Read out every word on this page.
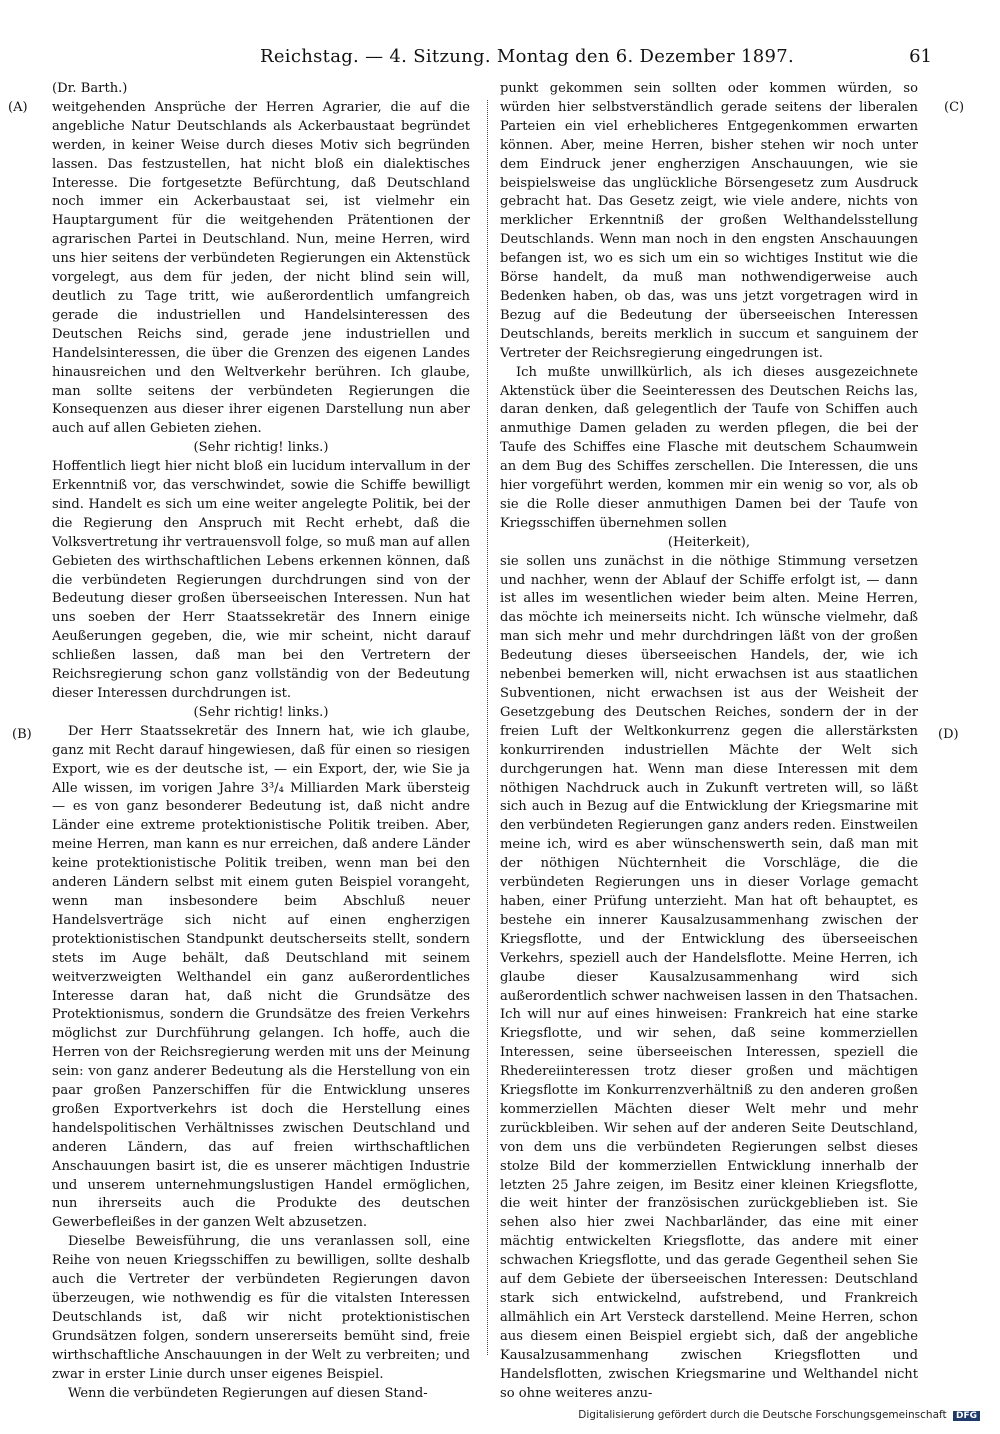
Reichstag. — 4. Sitzung. Montag den 6. Dezember 1897.	61
(A)
(B)
(C)
(D)

(Dr. Barth.)

weitgehenden Ansprüche der Herren Agrarier, die auf die angebliche Natur Deutschlands als Ackerbaustaat begründet werden, in keiner Weise durch dieses Motiv sich begründen lassen. Das festzustellen, hat nicht bloß ein dialektisches Interesse. Die fortgesetzte Befürchtung, daß Deutschland noch immer ein Ackerbaustaat sei, ist vielmehr ein Hauptargument für die weitgehenden Prätentionen der agrarischen Partei in Deutschland. Nun, meine Herren, wird uns hier seitens der verbündeten Regierungen ein Aktenstück vorgelegt, aus dem für jeden, der nicht blind sein will, deutlich zu Tage tritt, wie außerordentlich umfangreich gerade die industriellen und Handelsinteressen des Deutschen Reichs sind, gerade jene industriellen und Handelsinteressen, die über die Grenzen des eigenen Landes hinausreichen und den Weltverkehr berühren. Ich glaube, man sollte seitens der verbündeten Regierungen die Konsequenzen aus dieser ihrer eigenen Darstellung nun aber auch auf allen Gebieten ziehen.

(Sehr richtig! links.)

Hoffentlich liegt hier nicht bloß ein lucidum intervallum in der Erkenntniß vor, das verschwindet, sowie die Schiffe bewilligt sind. Handelt es sich um eine weiter angelegte Politik, bei der die Regierung den Anspruch mit Recht erhebt, daß die Volksvertretung ihr vertrauensvoll folge, so muß man auf allen Gebieten des wirthschaftlichen Lebens erkennen können, daß die verbündeten Regierungen durchdrungen sind von der Bedeutung dieser großen überseeischen Interessen. Nun hat uns soeben der Herr Staatssekretär des Innern einige Aeußerungen gegeben, die, wie mir scheint, nicht darauf schließen lassen, daß man bei den Vertretern der Reichsregierung schon ganz vollständig von der Bedeutung dieser Interessen durchdrungen ist.

(Sehr richtig! links.)

Der Herr Staatssekretär des Innern hat, wie ich glaube, ganz mit Recht darauf hingewiesen, daß für einen so riesigen Export, wie es der deutsche ist, — ein Export, der, wie Sie ja Alle wissen, im vorigen Jahre 3³/₄ Milliarden Mark übersteig — es von ganz besonderer Bedeutung ist, daß nicht andre Länder eine extreme protektionistische Politik treiben. Aber, meine Herren, man kann es nur erreichen, daß andere Länder keine protektionistische Politik treiben, wenn man bei den anderen Ländern selbst mit einem guten Beispiel vorangeht, wenn man insbesondere beim Abschluß neuer Handelsverträge sich nicht auf einen engherzigen protektionistischen Standpunkt deutscherseits stellt, sondern stets im Auge behält, daß Deutschland mit seinem weitverzweigten Welthandel ein ganz außerordentliches Interesse daran hat, daß nicht die Grundsätze des Protektionismus, sondern die Grundsätze des freien Verkehrs möglichst zur Durchführung gelangen. Ich hoffe, auch die Herren von der Reichsregierung werden mit uns der Meinung sein: von ganz anderer Bedeutung als die Herstellung von ein paar großen Panzerschiffen für die Entwicklung unseres großen Exportverkehrs ist doch die Herstellung eines handelspolitischen Verhältnisses zwischen Deutschland und anderen Ländern, das auf freien wirthschaftlichen Anschauungen basirt ist, die es unserer mächtigen Industrie und unserem unternehmungslustigen Handel ermöglichen, nun ihrerseits auch die Produkte des deutschen Gewerbefleißes in der ganzen Welt abzusetzen.

Dieselbe Beweisführung, die uns veranlassen soll, eine Reihe von neuen Kriegsschiffen zu bewilligen, sollte deshalb auch die Vertreter der verbündeten Regierungen davon überzeugen, wie nothwendig es für die vitalsten Interessen Deutschlands ist, daß wir nicht protektionistischen Grundsätzen folgen, sondern unsererseits bemüht sind, freie wirthschaftliche Anschauungen in der Welt zu verbreiten; und zwar in erster Linie durch unser eigenes Beispiel.

Wenn die verbündeten Regierungen auf diesen Stand-

punkt gekommen sein sollten oder kommen würden, so würden hier selbstverständlich gerade seitens der liberalen Parteien ein viel erheblicheres Entgegenkommen erwarten können. Aber, meine Herren, bisher stehen wir noch unter dem Eindruck jener engherzigen Anschauungen, wie sie beispielsweise das unglückliche Börsengesetz zum Ausdruck gebracht hat. Das Gesetz zeigt, wie viele andere, nichts von merklicher Erkenntniß der großen Welthandelsstellung Deutschlands. Wenn man noch in den engsten Anschauungen befangen ist, wo es sich um ein so wichtiges Institut wie die Börse handelt, da muß man nothwendigerweise auch Bedenken haben, ob das, was uns jetzt vorgetragen wird in Bezug auf die Bedeutung der überseeischen Interessen Deutschlands, bereits merklich in succum et sanguinem der Vertreter der Reichsregierung eingedrungen ist.

Ich mußte unwillkürlich, als ich dieses ausgezeichnete Aktenstück über die Seeinteressen des Deutschen Reichs las, daran denken, daß gelegentlich der Taufe von Schiffen auch anmuthige Damen geladen zu werden pflegen, die bei der Taufe des Schiffes eine Flasche mit deutschem Schaumwein an dem Bug des Schiffes zerschellen. Die Interessen, die uns hier vorgeführt werden, kommen mir ein wenig so vor, als ob sie die Rolle dieser anmuthigen Damen bei der Taufe von Kriegsschiffen übernehmen sollen

(Heiterkeit),

sie sollen uns zunächst in die nöthige Stimmung versetzen und nachher, wenn der Ablauf der Schiffe erfolgt ist, — dann ist alles im wesentlichen wieder beim alten. Meine Herren, das möchte ich meinerseits nicht. Ich wünsche vielmehr, daß man sich mehr und mehr durchdringen läßt von der großen Bedeutung dieses überseeischen Handels, der, wie ich nebenbei bemerken will, nicht erwachsen ist aus staatlichen Subventionen, nicht erwachsen ist aus der Weisheit der Gesetzgebung des Deutschen Reiches, sondern der in der freien Luft der Weltkonkurrenz gegen die allerstärksten konkurrirenden industriellen Mächte der Welt sich durchgerungen hat. Wenn man diese Interessen mit dem nöthigen Nachdruck auch in Zukunft vertreten will, so läßt sich auch in Bezug auf die Entwicklung der Kriegsmarine mit den verbündeten Regierungen ganz anders reden. Einstweilen meine ich, wird es aber wünschenswerth sein, daß man mit der nöthigen Nüchternheit die Vorschläge, die die verbündeten Regierungen uns in dieser Vorlage gemacht haben, einer Prüfung unterzieht. Man hat oft behauptet, es bestehe ein innerer Kausalzusammenhang zwischen der Kriegsflotte, und der Entwicklung des überseeischen Verkehrs, speziell auch der Handelsflotte. Meine Herren, ich glaube dieser Kausalzusammenhang wird sich außerordentlich schwer nachweisen lassen in den Thatsachen. Ich will nur auf eines hinweisen: Frankreich hat eine starke Kriegsflotte, und wir sehen, daß seine kommerziellen Interessen, seine überseeischen Interessen, speziell die Rhedereiinteressen trotz dieser großen und mächtigen Kriegsflotte im Konkurrenzverhältniß zu den anderen großen kommerziellen Mächten dieser Welt mehr und mehr zurückbleiben. Wir sehen auf der anderen Seite Deutschland, von dem uns die verbündeten Regierungen selbst dieses stolze Bild der kommerziellen Entwicklung innerhalb der letzten 25 Jahre zeigen, im Besitz einer kleinen Kriegsflotte, die weit hinter der französischen zurückgeblieben ist. Sie sehen also hier zwei Nachbarländer, das eine mit einer mächtig entwickelten Kriegsflotte, das andere mit einer schwachen Kriegsflotte, und das gerade Gegentheil sehen Sie auf dem Gebiete der überseeischen Interessen: Deutschland stark sich entwickelnd, aufstrebend, und Frankreich allmählich ein Art Versteck darstellend. Meine Herren, schon aus diesem einen Beispiel ergiebt sich, daß der angebliche Kausalzusammenhang zwischen Kriegsflotten und Handelsflotten, zwischen Kriegsmarine und Welthandel nicht so ohne weiteres anzu-

Digitalisierung gefördert durch die Deutsche Forschungsgemeinschaft DFG
